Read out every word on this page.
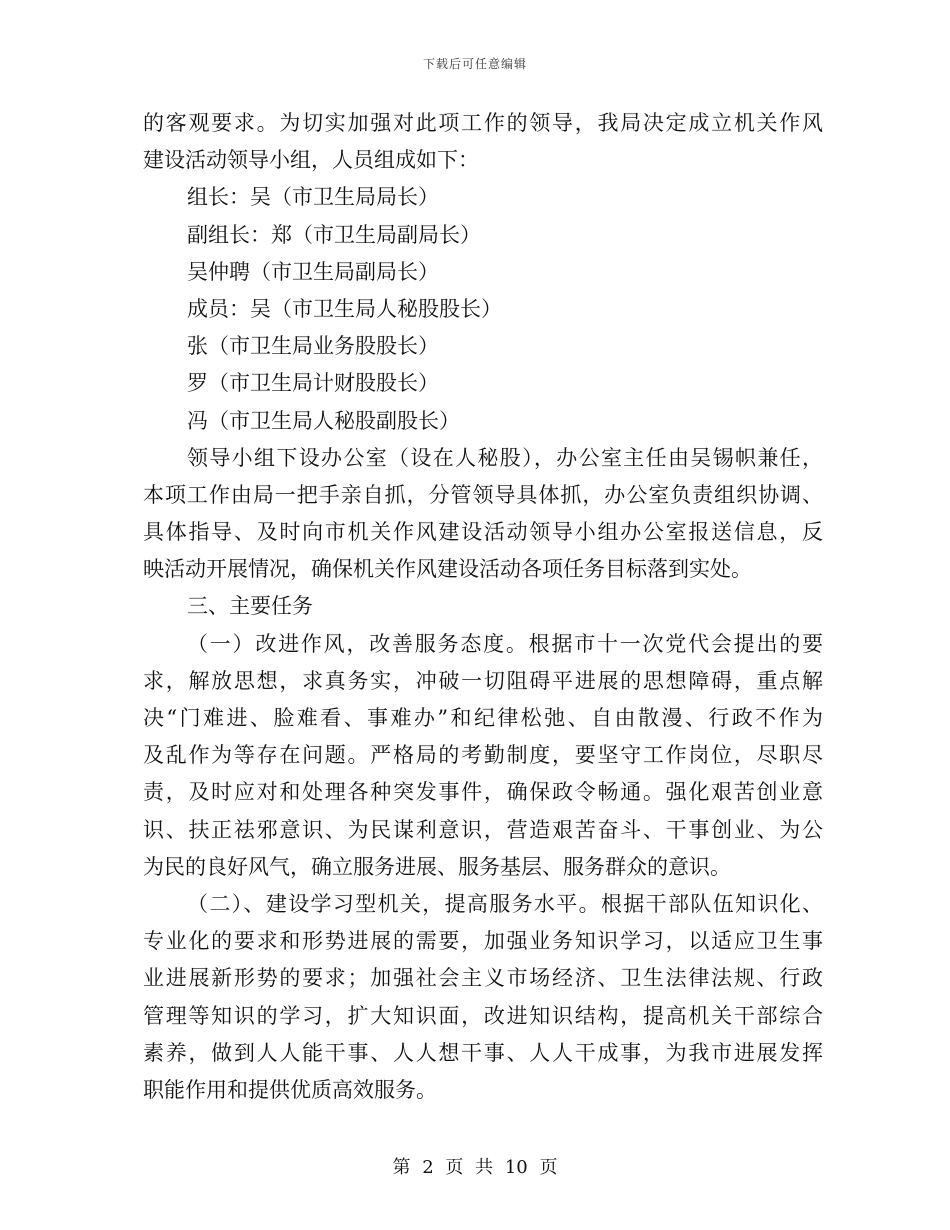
下载后可任意编辑
的客观要求。为切实加强对此项工作的领导，我局决定成立机关作风
建设活动领导小组，人员组成如下：
组长：吴（市卫生局局长）
副组长：郑（市卫生局副局长）
吴仲聘（市卫生局副局长）
成员：吴（市卫生局人秘股股长）
张（市卫生局业务股股长）
罗（市卫生局计财股股长）
冯（市卫生局人秘股副股长）
领导小组下设办公室（设在人秘股），办公室主任由吴锡帜兼任，
本项工作由局一把手亲自抓，分管领导具体抓，办公室负责组织协调、
具体指导、及时向市机关作风建设活动领导小组办公室报送信息，反
映活动开展情况，确保机关作风建设活动各项任务目标落到实处。
三、主要任务
（一）改进作风，改善服务态度。根据市十一次党代会提出的要
求，解放思想，求真务实，冲破一切阻碍平进展的思想障碍，重点解
决“门难进、脸难看、事难办”和纪律松弛、自由散漫、行政不作为
及乱作为等存在问题。严格局的考勤制度，要坚守工作岗位，尽职尽
责，及时应对和处理各种突发事件，确保政令畅通。强化艰苦创业意
识、扶正祛邪意识、为民谋利意识，营造艰苦奋斗、干事创业、为公
为民的良好风气，确立服务进展、服务基层、服务群众的意识。
（二）、建设学习型机关，提高服务水平。根据干部队伍知识化、
专业化的要求和形势进展的需要，加强业务知识学习，以适应卫生事
业进展新形势的要求；加强社会主义市场经济、卫生法律法规、行政
管理等知识的学习，扩大知识面，改进知识结构，提高机关干部综合
素养，做到人人能干事、人人想干事、人人干成事，为我市进展发挥
职能作用和提供优质高效服务。
第 2 页 共 10 页
